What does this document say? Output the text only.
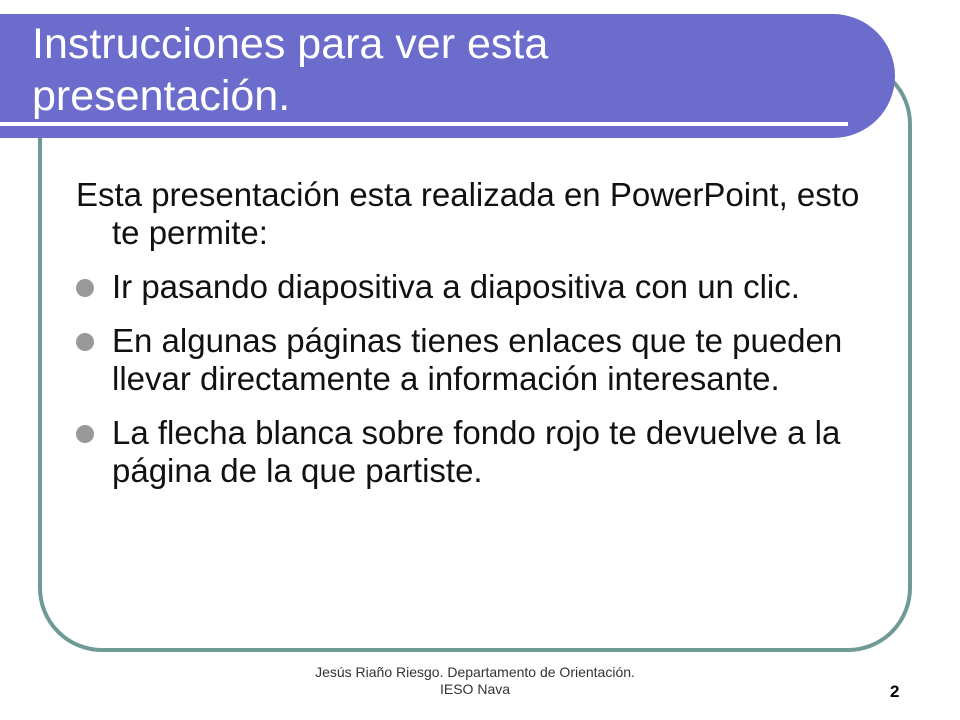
Instrucciones para ver esta
presentación.
Esta presentación esta realizada en PowerPoint, esto te permite:
Ir pasando diapositiva a diapositiva con un clic.
En algunas páginas tienes enlaces que te pueden llevar directamente a información interesante.
La flecha blanca sobre fondo rojo te devuelve a la página de la que partiste.
Jesús Riaño Riesgo. Departamento de Orientación. IESO Nava	2
